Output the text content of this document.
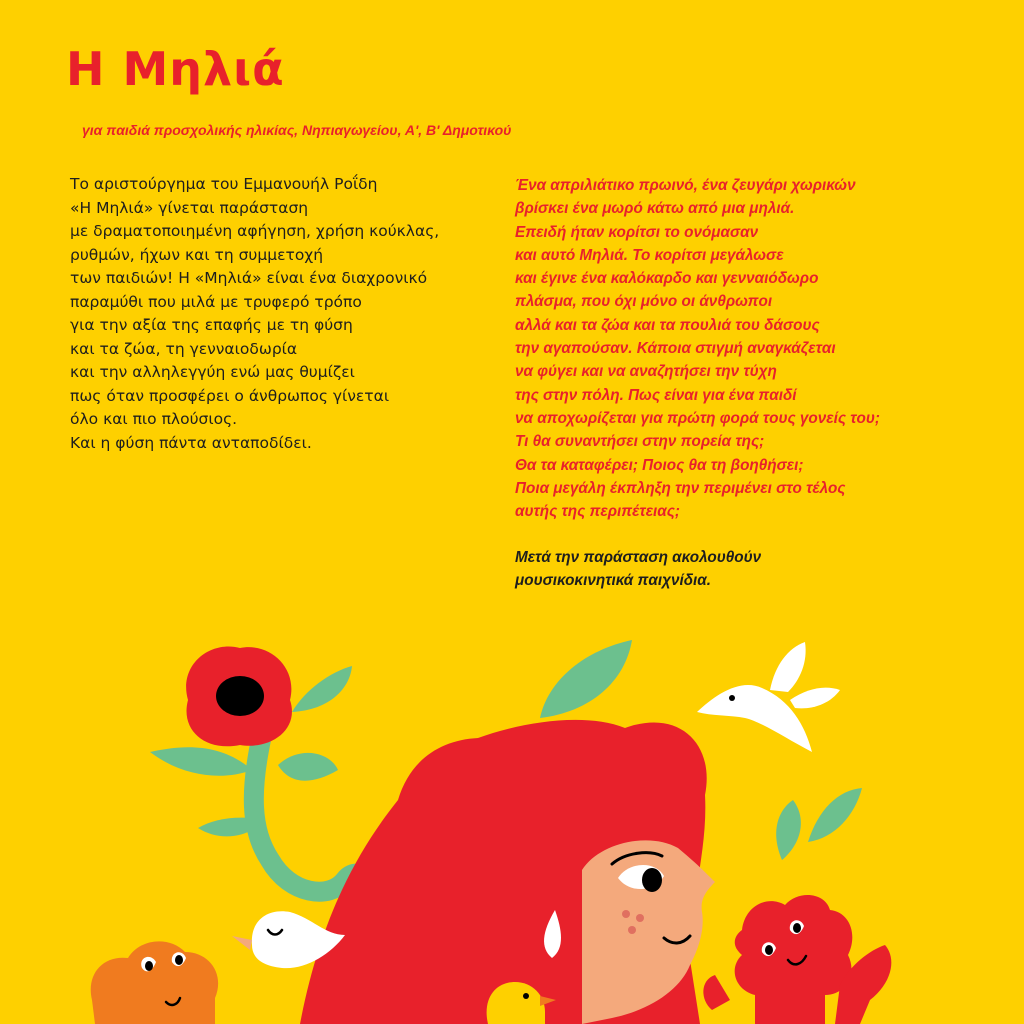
Η Μηλιά

για παιδιά προσχολικής ηλικίας, Νηπιαγωγείου, Α', Β' Δημοτικού

Το αριστούργημα του Εμμανουήλ Ροΐδη
«Η Μηλιά» γίνεται παράσταση
με δραματοποιημένη αφήγηση, χρήση κούκλας,
ρυθμών, ήχων και τη συμμετοχή
των παιδιών! Η «Μηλιά» είναι ένα διαχρονικό
παραμύθι που μιλά με τρυφερό τρόπο
για την αξία της επαφής με τη φύση
και τα ζώα, τη γενναιοδωρία
και την αλληλεγγύη ενώ μας θυμίζει
πως όταν προσφέρει ο άνθρωπος γίνεται
όλο και πιο πλούσιος.
Και η φύση πάντα ανταποδίδει.
Ένα απριλιάτικο πρωινό, ένα ζευγάρι χωρικών
βρίσκει ένα μωρό κάτω από μια μηλιά.
Επειδή ήταν κορίτσι το ονόμασαν
και αυτό Μηλιά. Το κορίτσι μεγάλωσε
και έγινε ένα καλόκαρδο και γενναιόδωρο
πλάσμα, που όχι μόνο οι άνθρωποι
αλλά και τα ζώα και τα πουλιά του δάσους
την αγαπούσαν. Κάποια στιγμή αναγκάζεται
να φύγει και να αναζητήσει την τύχη
της στην πόλη. Πως είναι για ένα παιδί
να αποχωρίζεται για πρώτη φορά τους γονείς του;
Τι θα συναντήσει στην πορεία της;
Θα τα καταφέρει; Ποιος θα τη βοηθήσει;
Ποια μεγάλη έκπληξη την περιμένει στο τέλος
αυτής της περιπέτειας;
Μετά την παράσταση ακολουθούν
μουσικοκινητικά παιχνίδια.
